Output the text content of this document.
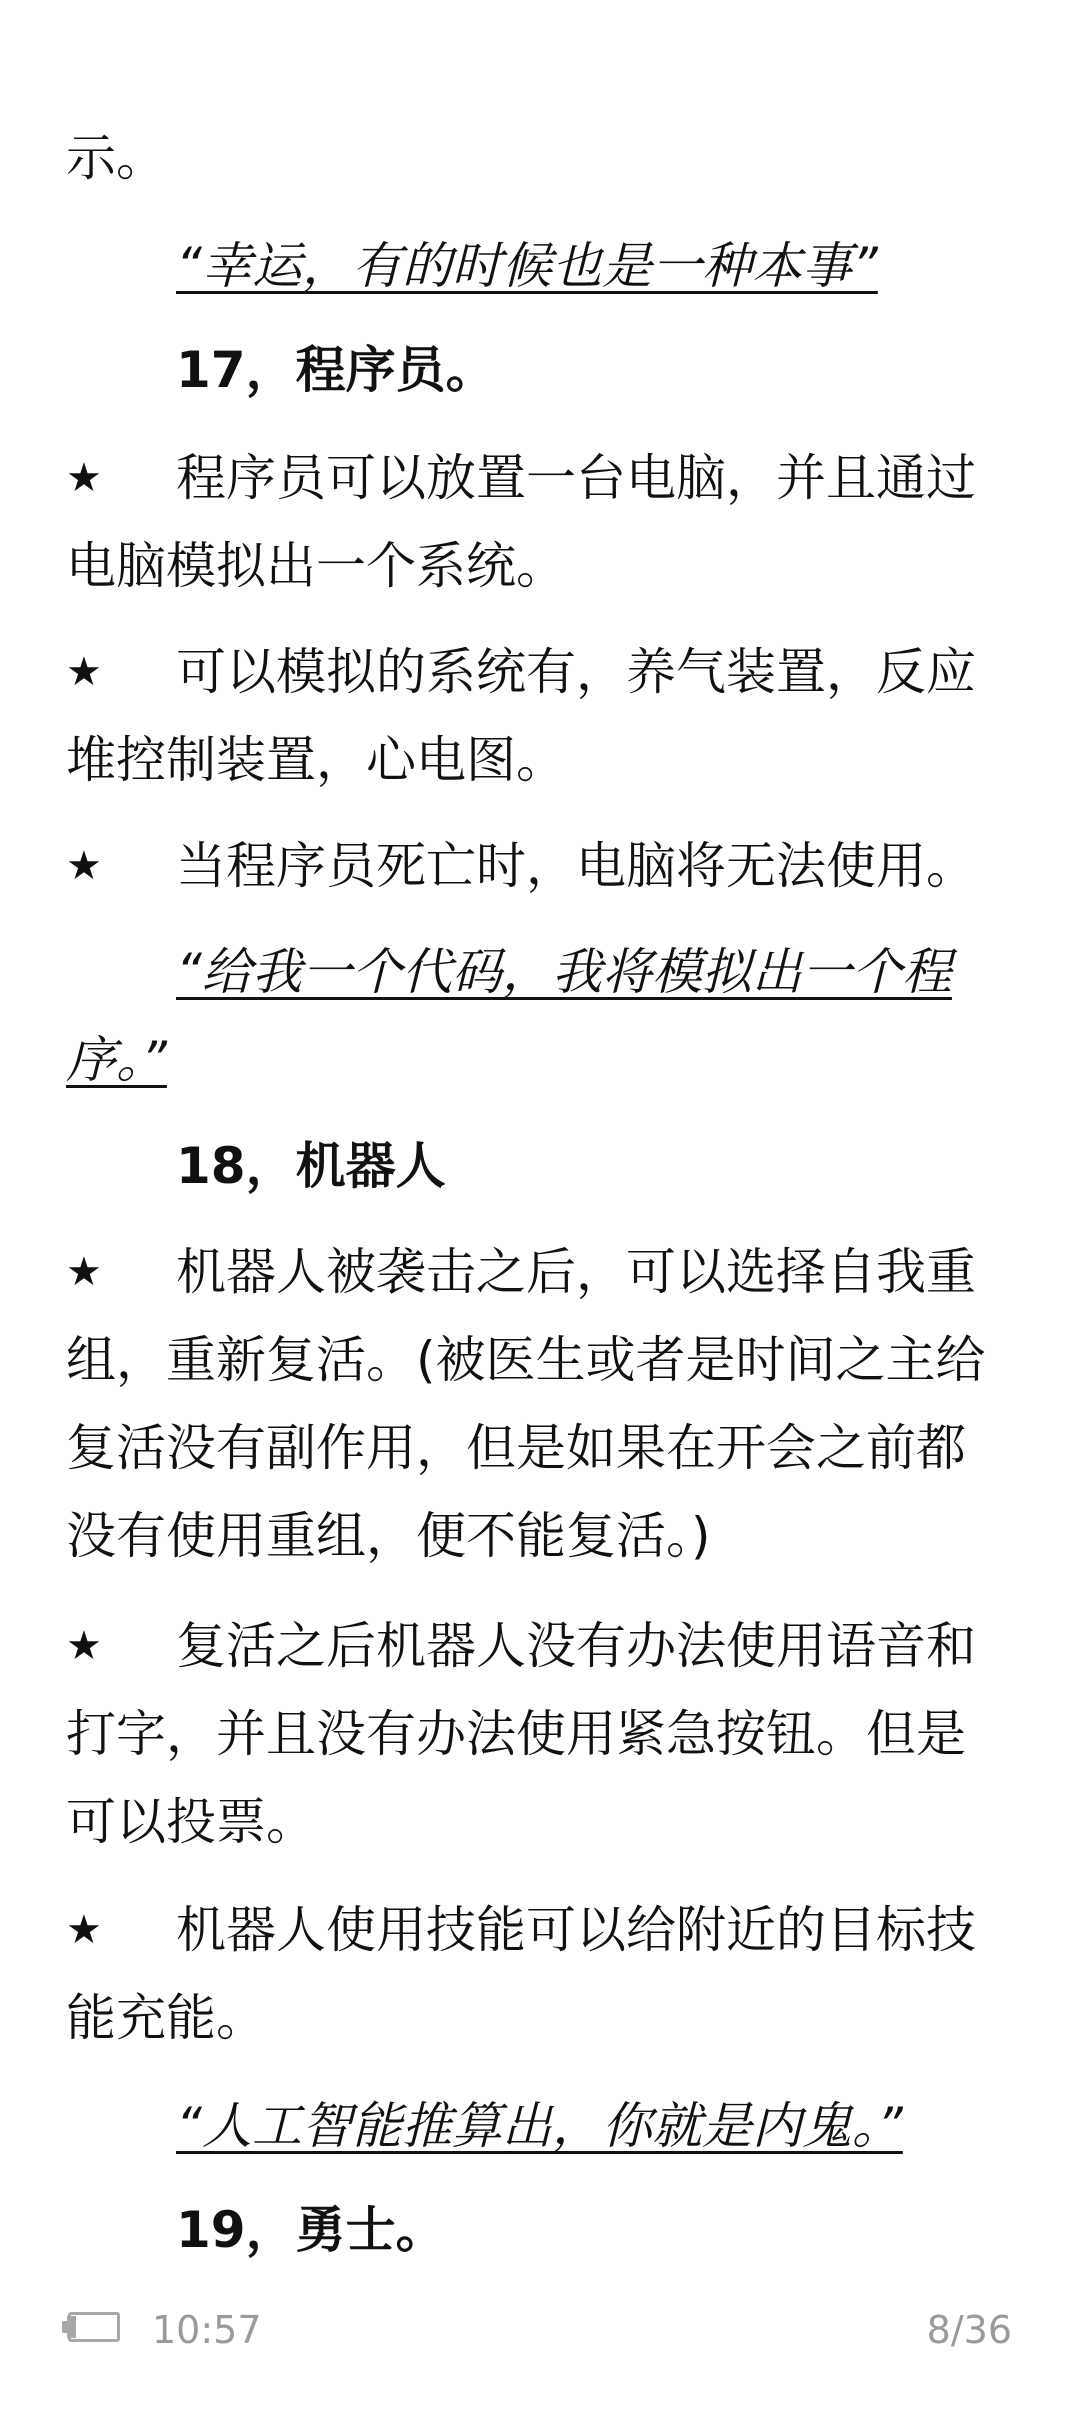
示。
“幸运，有的时候也是一种本事”
17，程序员。
★ 程序员可以放置一台电脑，并且通过
电脑模拟出一个系统。
★ 可以模拟的系统有，养气装置，反应
堆控制装置，心电图。
★ 当程序员死亡时，电脑将无法使用。
“给我一个代码，我将模拟出一个程
序。”
18，机器人
★ 机器人被袭击之后，可以选择自我重
组，重新复活。(被医生或者是时间之主给
复活没有副作用，但是如果在开会之前都
没有使用重组，便不能复活。)
★ 复活之后机器人没有办法使用语音和
打字，并且没有办法使用紧急按钮。但是
可以投票。
★ 机器人使用技能可以给附近的目标技
能充能。
“人工智能推算出，你就是内鬼。”
19，勇士。
10:57	8/36
